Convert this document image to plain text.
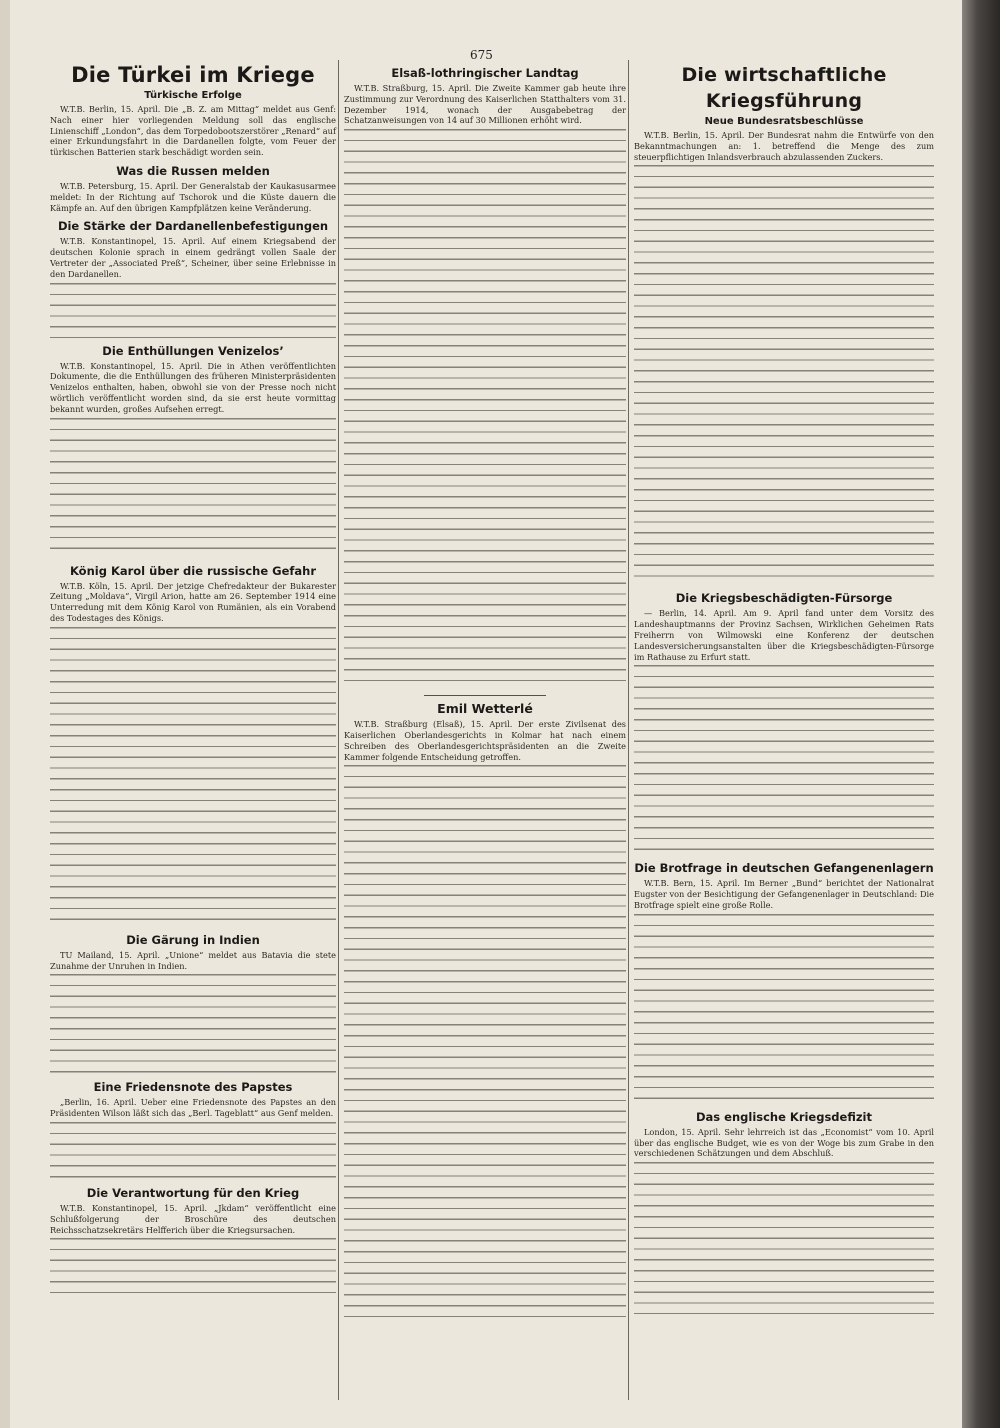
675
Die Türkei im Kriege
Türkische Erfolge

W.T.B. Berlin, 15. April. Die „B. Z. am Mittag“ meldet aus Genf: Nach einer hier vorliegenden Meldung soll das englische Linienschiff „London“, das dem Torpedobootszerstörer „Renard“ auf einer Erkundungsfahrt in die Dardanellen folgte, vom Feuer der türkischen Batterien stark beschädigt worden sein.

Was die Russen melden

W.T.B. Petersburg, 15. April. Der Generalstab der Kaukasusarmee meldet: In der Richtung auf Tschorok und die Küste dauern die Kämpfe an. Auf den übrigen Kampfplätzen keine Veränderung.

Die Stärke der Dardanellenbefestigungen

W.T.B. Konstantinopel, 15. April. Auf einem Kriegsabend der deutschen Kolonie sprach in einem gedrängt vollen Saale der Vertreter der „Associated Preß“, Scheiner, über seine Erlebnisse in den Dardanellen.

Die Enthüllungen Venizelos’

W.T.B. Konstantinopel, 15. April. Die in Athen veröffentlichten Dokumente, die die Enthüllungen des früheren Ministerpräsidenten Venizelos enthalten, haben, obwohl sie von der Presse noch nicht wörtlich veröffentlicht worden sind, da sie erst heute vormittag bekannt wurden, großes Aufsehen erregt.

König Karol über die russische Gefahr

W.T.B. Köln, 15. April. Der jetzige Chefredakteur der Bukarester Zeitung „Moldava“, Virgil Arion, hatte am 26. September 1914 eine Unterredung mit dem König Karol von Rumänien, als ein Vorabend des Todestages des Königs.

Die Gärung in Indien

TU Mailand, 15. April. „Unione“ meldet aus Batavia die stete Zunahme der Unruhen in Indien.

Eine Friedensnote des Papstes

„Berlin, 16. April. Ueber eine Friedensnote des Papstes an den Präsidenten Wilson läßt sich das „Berl. Tageblatt“ aus Genf melden.

Die Verantwortung für den Krieg

W.T.B. Konstantinopel, 15. April. „Jkdam“ veröffentlicht eine Schlußfolgerung der Broschüre des deutschen Reichsschatzsekretärs Helfferich über die Kriegsursachen.

Elsaß-lothringischer Landtag

W.T.B. Straßburg, 15. April. Die Zweite Kammer gab heute ihre Zustimmung zur Verordnung des Kaiserlichen Statthalters vom 31. Dezember 1914, wonach der Ausgabebetrag der Schatzanweisungen von 14 auf 30 Millionen erhöht wird.

Emil Wetterlé

W.T.B. Straßburg (Elsaß), 15. April. Der erste Zivilsenat des Kaiserlichen Oberlandesgerichts in Kolmar hat nach einem Schreiben des Oberlandesgerichtspräsidenten an die Zweite Kammer folgende Entscheidung getroffen.

Die wirtschaftliche Kriegsführung
Neue Bundesratsbeschlüsse

W.T.B. Berlin, 15. April. Der Bundesrat nahm die Entwürfe von den Bekanntmachungen an: 1. betreffend die Menge des zum steuerpflichtigen Inlandsverbrauch abzulassenden Zuckers.

Die Kriegsbeschädigten-Fürsorge

— Berlin, 14. April. Am 9. April fand unter dem Vorsitz des Landeshauptmanns der Provinz Sachsen, Wirklichen Geheimen Rats Freiherrn von Wilmowski eine Konferenz der deutschen Landesversicherungsanstalten über die Kriegsbeschädigten-Fürsorge im Rathause zu Erfurt statt.

Die Brotfrage in deutschen Gefangenenlagern

W.T.B. Bern, 15. April. Im Berner „Bund“ berichtet der Nationalrat Eugster von der Besichtigung der Gefangenenlager in Deutschland: Die Brotfrage spielt eine große Rolle.

Das englische Kriegsdefizit

London, 15. April. Sehr lehrreich ist das „Economist“ vom 10. April über das englische Budget, wie es von der Woge bis zum Grabe in den verschiedenen Schätzungen und dem Abschluß.
